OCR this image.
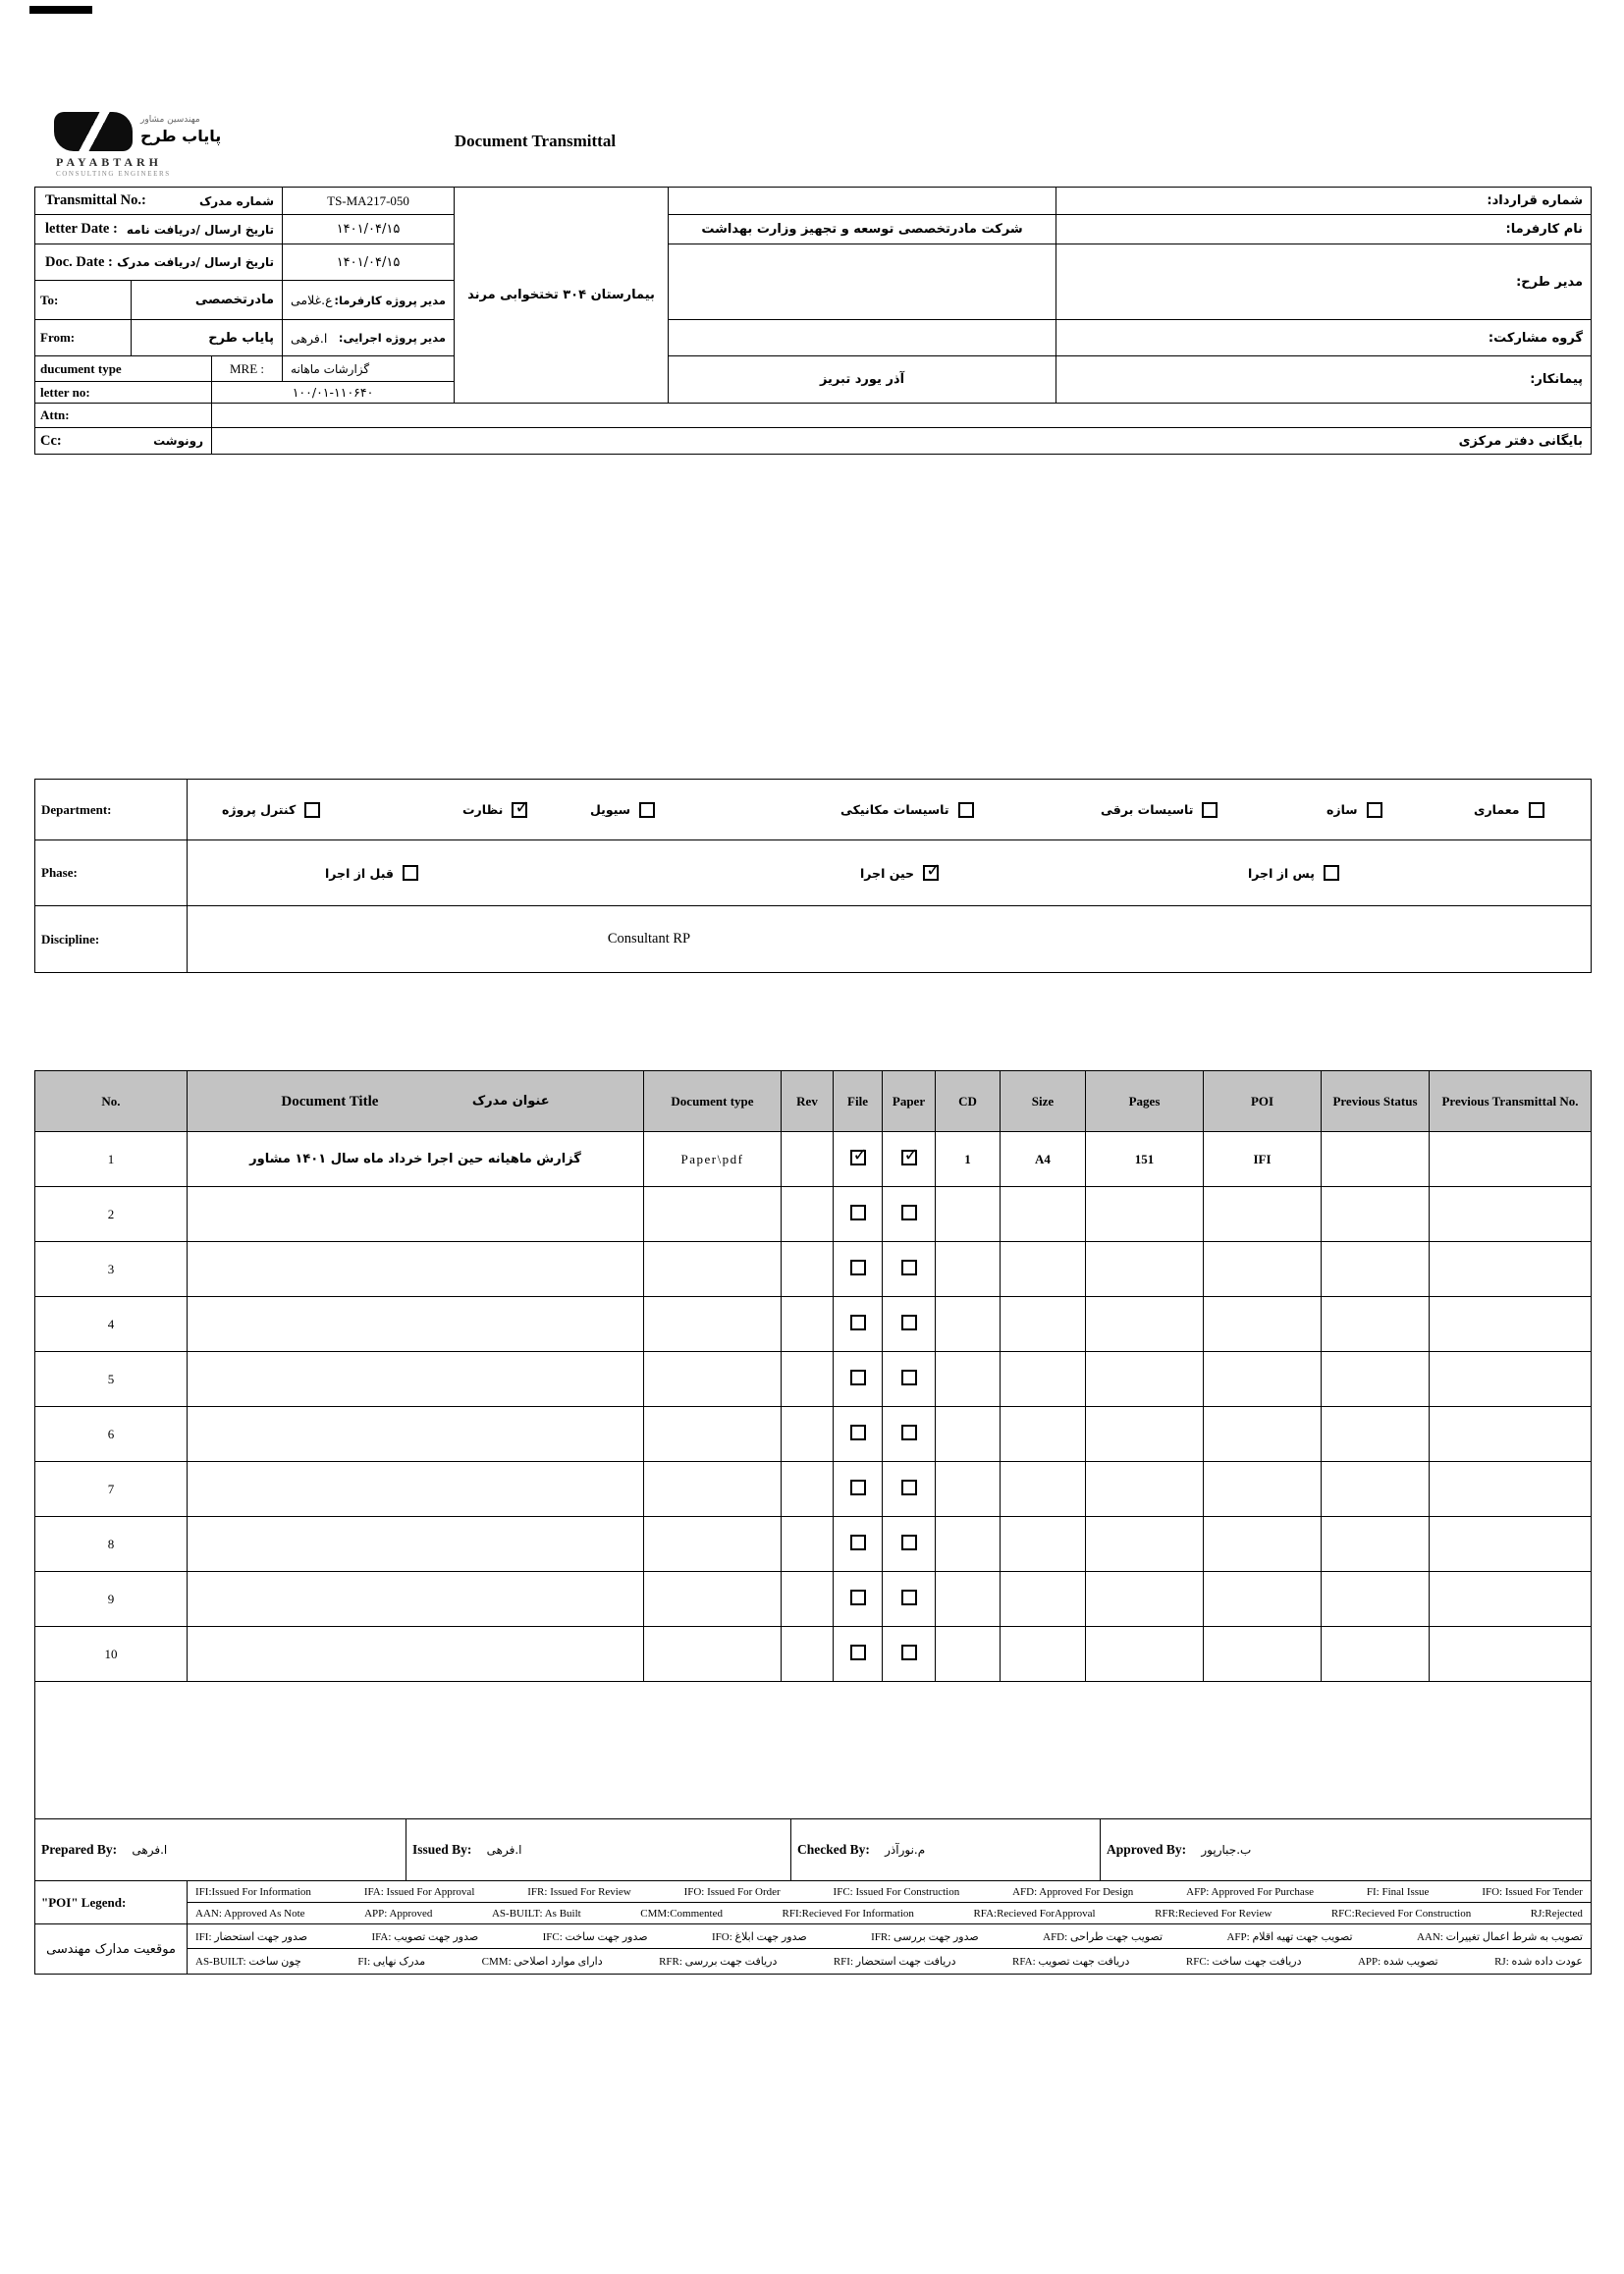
مهندسین مشاور
پایاب طرح
PAYABTARH
CONSULTING ENGINEERS
Document Transmittal
Transmittal No.: شماره مدرک			TS-MA217-050	بیمارستان ۳۰۴ تختخوابی مرند		شماره قرارداد:

letter Date : تاریخ ارسال /دریافت نامه			۱۴۰۱/۰۴/۱۵		شرکت مادرتخصصی توسعه و تجهیز وزارت بهداشت	نام کارفرما:

Doc. Date : تاریخ ارسال /دریافت مدرک			۱۴۰۱/۰۴/۱۵			مدیر طرح:
To:	مادرتخصصی		ع.غلامی مدیر پروژه کارفرما:			

From:	پایاب طرح		ا.فرهی مدیر پروژه اجرایی:			گروه مشارکت:
ducument type		MRE :	گزارشات ماهانه		آذر یورد تبریز	پیمانکار:
letter no:		۱۰۰/۰۱-۱۱۰۶۴۰				
Attn:						

Cc: رونوشت		بایگانی دفتر مرکزی				
Department:	کنترل پروژه	نظارت ✓	سیویل	تاسیسات مکانیکی	تاسیسات برقی	سازه	معماری

Phase:	قبل از اجرا حین اجرا ✓ پس از اجرا

Discipline:	Consultant RP
No.	Document Title عنوان مدرک	Document type	Rev	File	Paper	CD	Size	Pages	POI	Previous Status	Previous Transmittal No.
1	گزارش ماهیانه حین اجرا خرداد ماه سال ۱۴۰۱ مشاور	Paper\pdf		✓	✓	1	A4	151	IFI		
2											
3											
4											
5											
6											
7											
8											
9											
10											

Prepared By: ا.فرهی	Issued By: ا.فرهی	Checked By: م.نورآذر	Approved By: ب.جبارپور
"POI" Legend:	
IFI:Issued For Information	IFA: Issued For Approval	IFR: Issued For Review	IFO: Issued For Order	IFC: Issued For Construction	AFD: Approved For Design	AFP: Approved For Purchase	FI: Final Issue	IFO: Issued For Tender

AAN: Approved As Note	APP: Approved	AS-BUILT: As Built	CMM:Commented	RFI:Recieved For Information	RFA:Recieved ForApproval	RFR:Recieved For Review	RFC:Recieved For Construction	RJ:Rejected

موقعیت مدارک مهندسی	
IFI: صدور جهت استحضار	IFA: صدور جهت تصویب	IFC: صدور جهت ساخت	IFO: صدور جهت ابلاغ	IFR: صدور جهت بررسی	AFD: تصویب جهت طراحی	AFP: تصویب جهت تهیه اقلام	AAN: تصویب به شرط اعمال تغییرات

AS-BUILT: چون ساخت	FI: مدرک نهایی	CMM: دارای موارد اصلاحی	RFR: دریافت جهت بررسی	RFI: دریافت جهت استحضار	RFA: دریافت جهت تصویب	RFC: دریافت جهت ساخت	APP: تصویب شده	RJ: عودت داده شده
